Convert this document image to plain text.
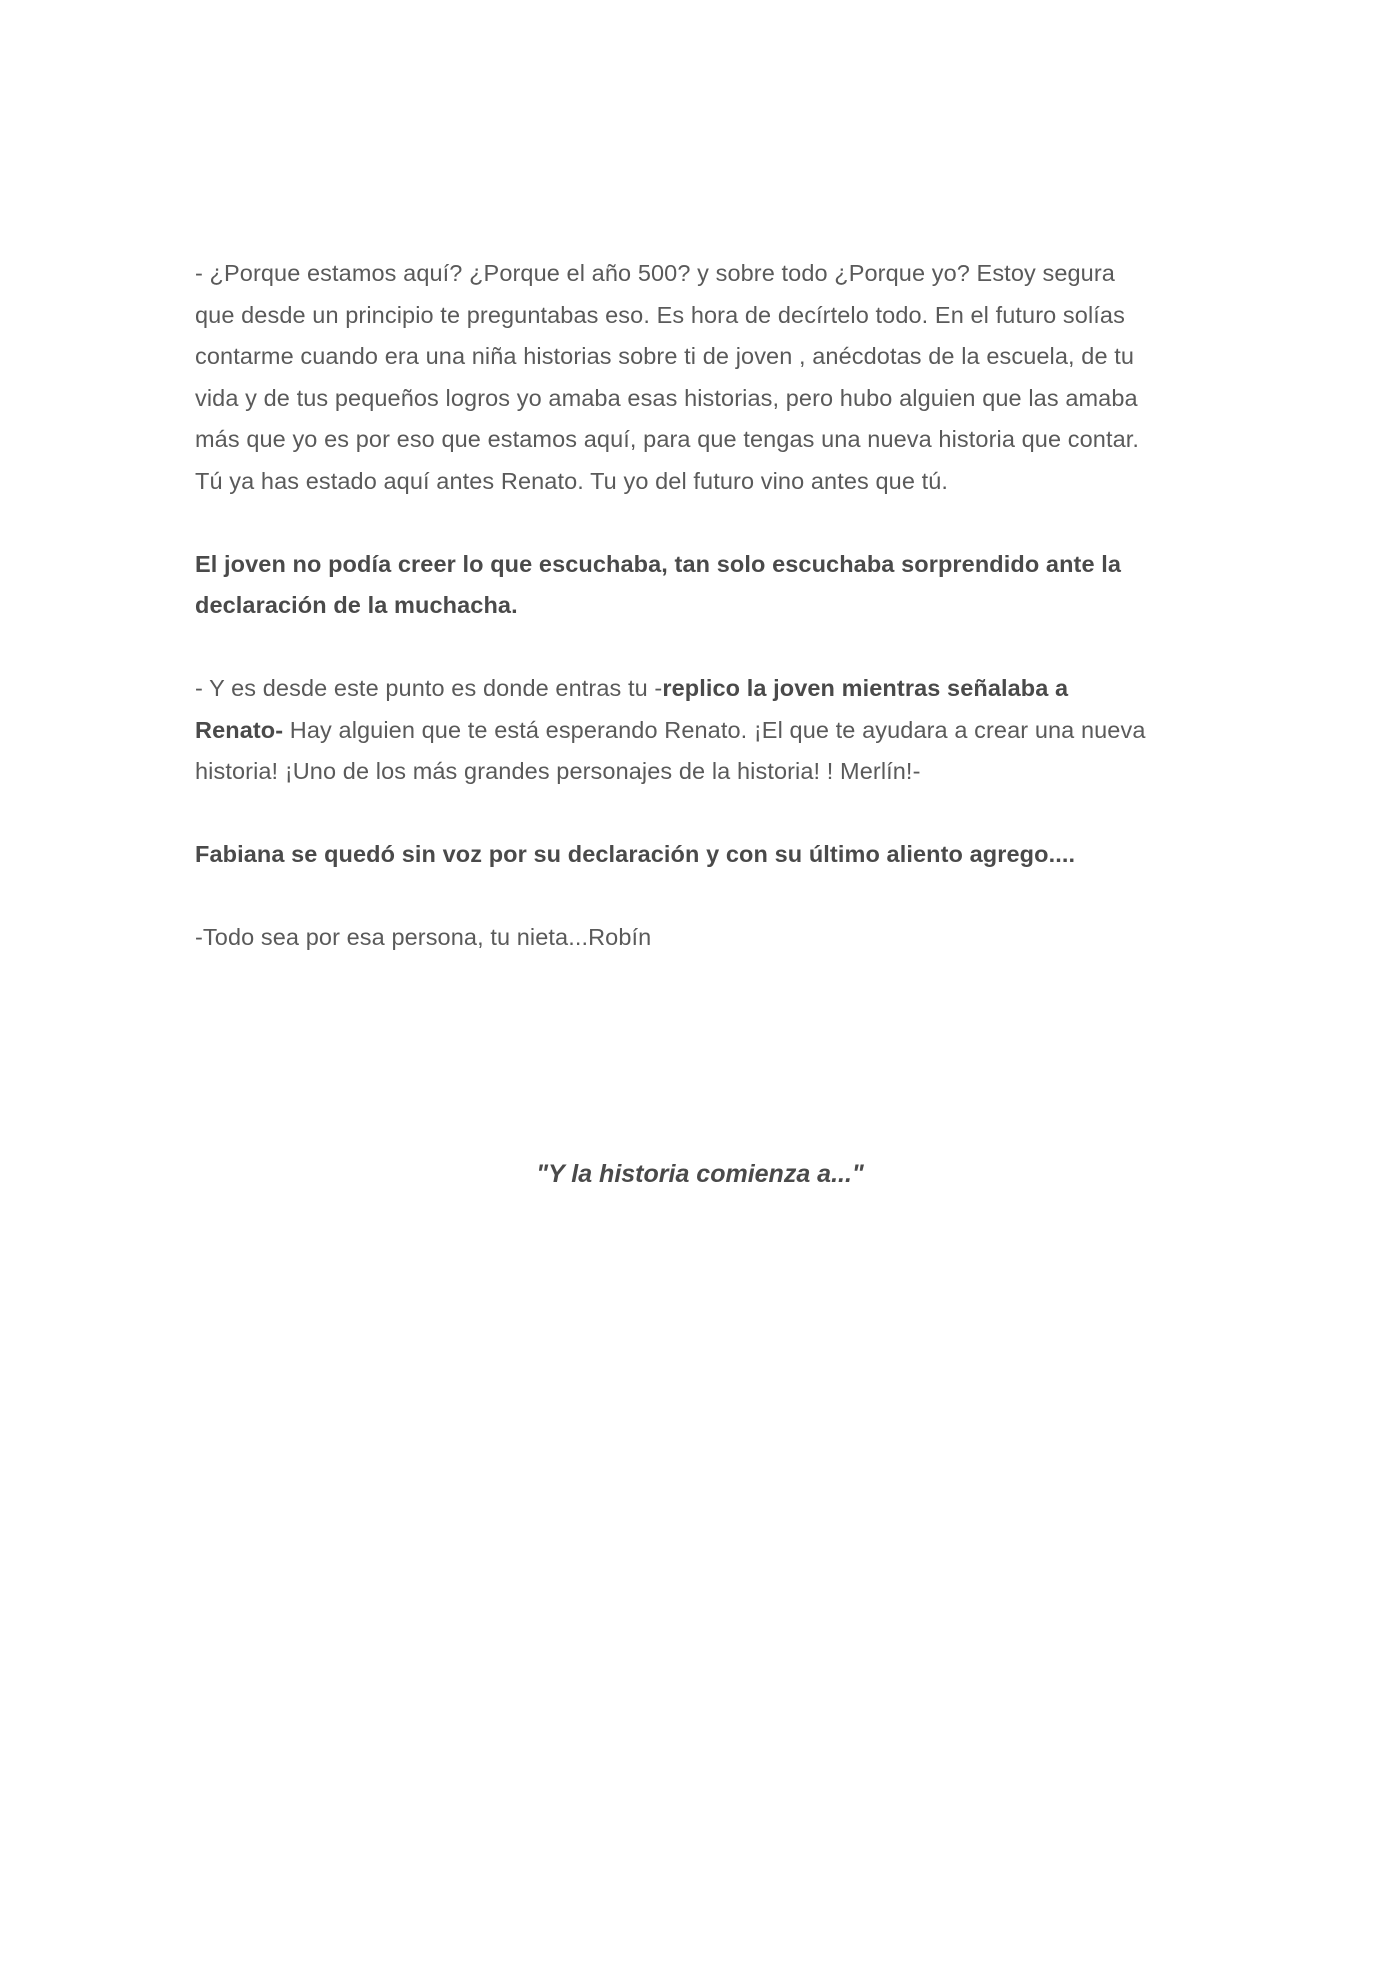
- ¿Porque estamos aquí? ¿Porque el año 500? y sobre todo ¿Porque yo? Estoy segura
que desde un principio te preguntabas eso. Es hora de decírtelo todo. En el futuro solías
contarme cuando era una niña historias sobre ti de joven , anécdotas de la escuela, de tu
vida y de tus pequeños logros yo amaba esas historias, pero hubo alguien que las amaba
más que yo es por eso que estamos aquí, para que tengas una nueva historia que contar.
Tú ya has estado aquí antes Renato. Tu yo del futuro vino antes que tú.
El joven no podía creer lo que escuchaba, tan solo escuchaba sorprendido ante la
declaración de la muchacha.
- Y es desde este punto es donde entras tu -replico la joven mientras señalaba a
Renato- Hay alguien que te está esperando Renato. ¡El que te ayudara a crear una nueva
historia! ¡Uno de los más grandes personajes de la historia! ! Merlín!-
Fabiana se quedó sin voz por su declaración y con su último aliento agrego....
-Todo sea por esa persona, tu nieta...Robín
"Y la historia comienza a..."
